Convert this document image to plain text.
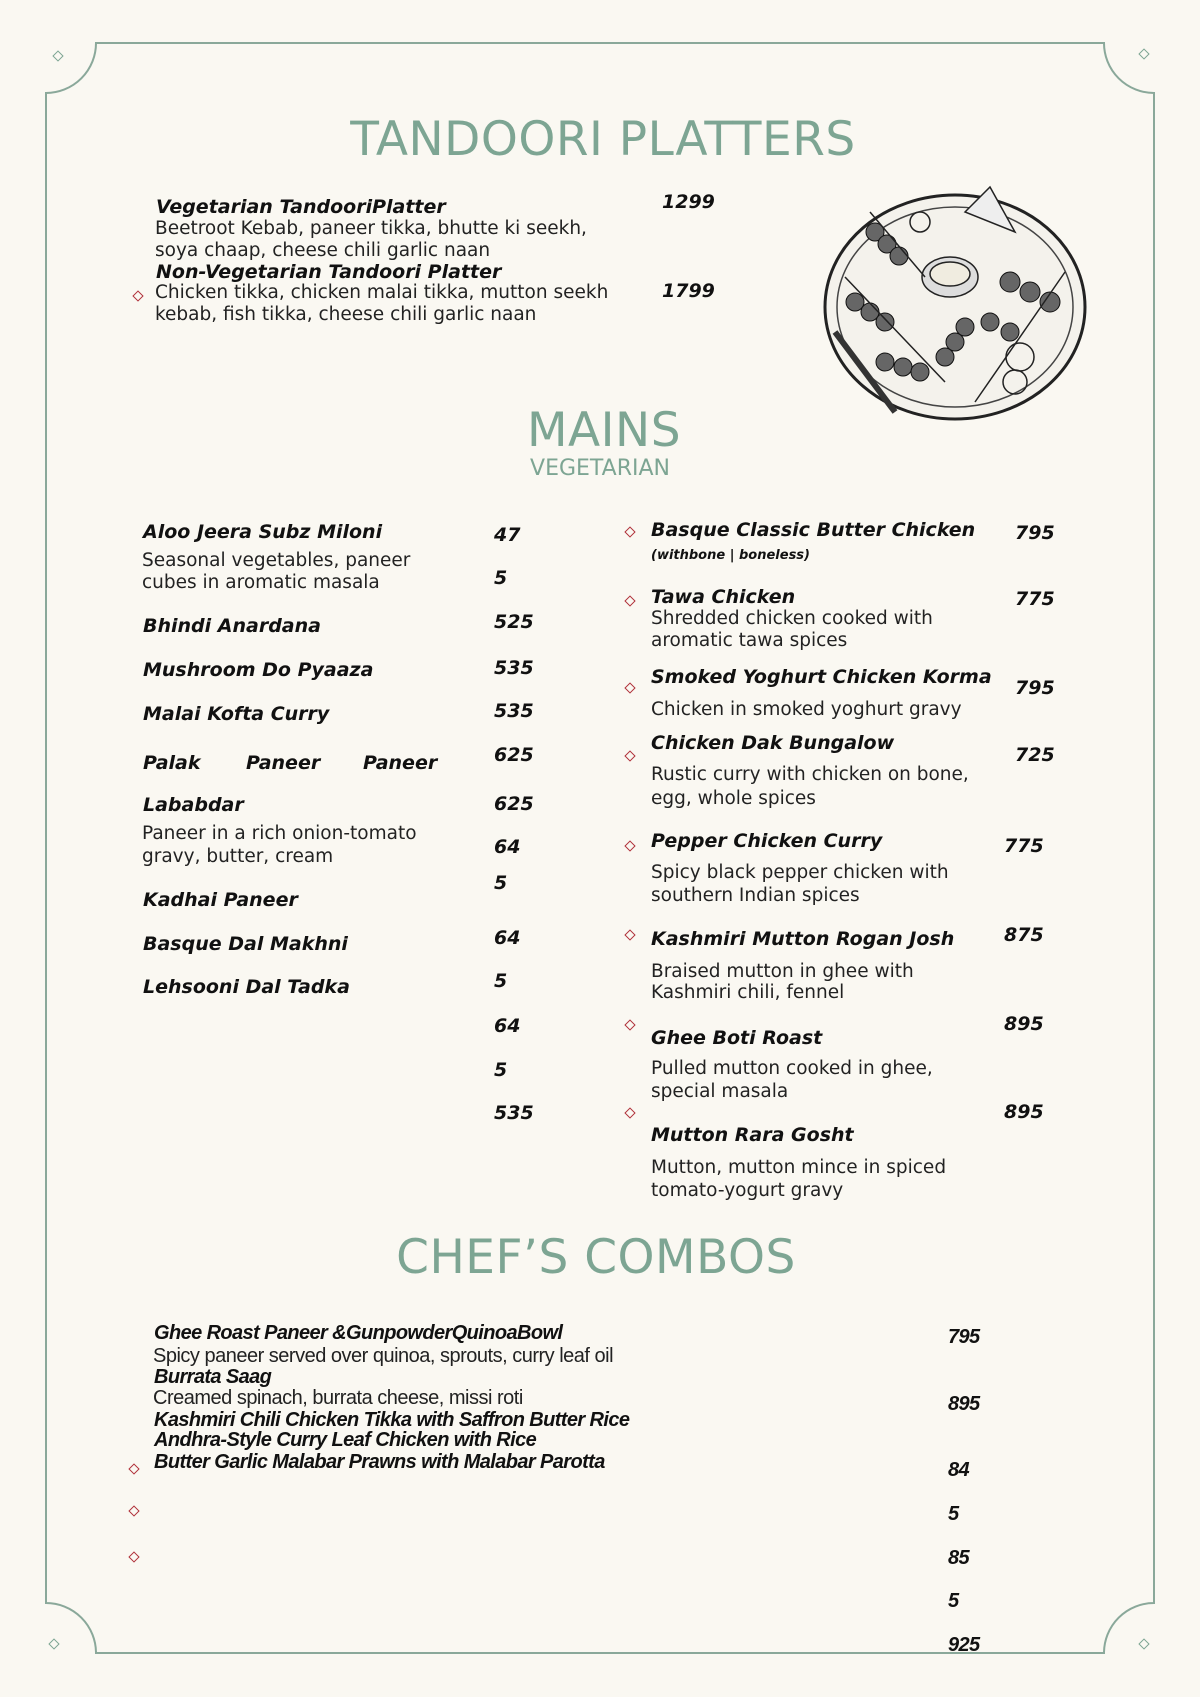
TANDOORI PLATTERS
Vegetarian TandooriPlatter
Beetroot Kebab, paneer tikka, bhutte ki seekh,
soya chaap, cheese chili garlic naan
Non-Vegetarian Tandoori Platter
Chicken tikka, chicken malai tikka, mutton seekh
kebab, fish tikka, cheese chili garlic naan
1299
1799
MAINS
VEGETARIAN
Aloo Jeera Subz Miloni
Seasonal vegetables, paneer
cubes in aromatic masala
Bhindi Anardana
Mushroom Do Pyaaza
Malai Kofta Curry
Palak Paneer Paneer
Lababdar
Paneer in a rich onion-tomato
gravy, butter, cream
Kadhai Paneer
Basque Dal Makhni
Lehsooni Dal Tadka
47
5
525
535
535
625
625
64
5
64
5
64
5
535
Basque Classic Butter Chicken
(withbone | boneless)
795
Tawa Chicken
Shredded chicken cooked with
aromatic tawa spices
775
Smoked Yoghurt Chicken Korma
Chicken in smoked yoghurt gravy
795
Chicken Dak Bungalow
Rustic curry with chicken on bone,
egg, whole spices
725
Pepper Chicken Curry
Spicy black pepper chicken with
southern Indian spices
775
Kashmiri Mutton Rogan Josh
Braised mutton in ghee with
Kashmiri chili, fennel
875
Ghee Boti Roast
Pulled mutton cooked in ghee,
special masala
895
Mutton Rara Gosht
Mutton, mutton mince in spiced
tomato-yogurt gravy
895
CHEF’S COMBOS
Ghee Roast Paneer &GunpowderQuinoaBowl
Spicy paneer served over quinoa, sprouts, curry leaf oil
Burrata Saag
Creamed spinach, burrata cheese, missi roti
Kashmiri Chili Chicken Tikka with Saffron Butter Rice
Andhra-Style Curry Leaf Chicken with Rice
Butter Garlic Malabar Prawns with Malabar Parotta
795
895
84
5
85
5
925
